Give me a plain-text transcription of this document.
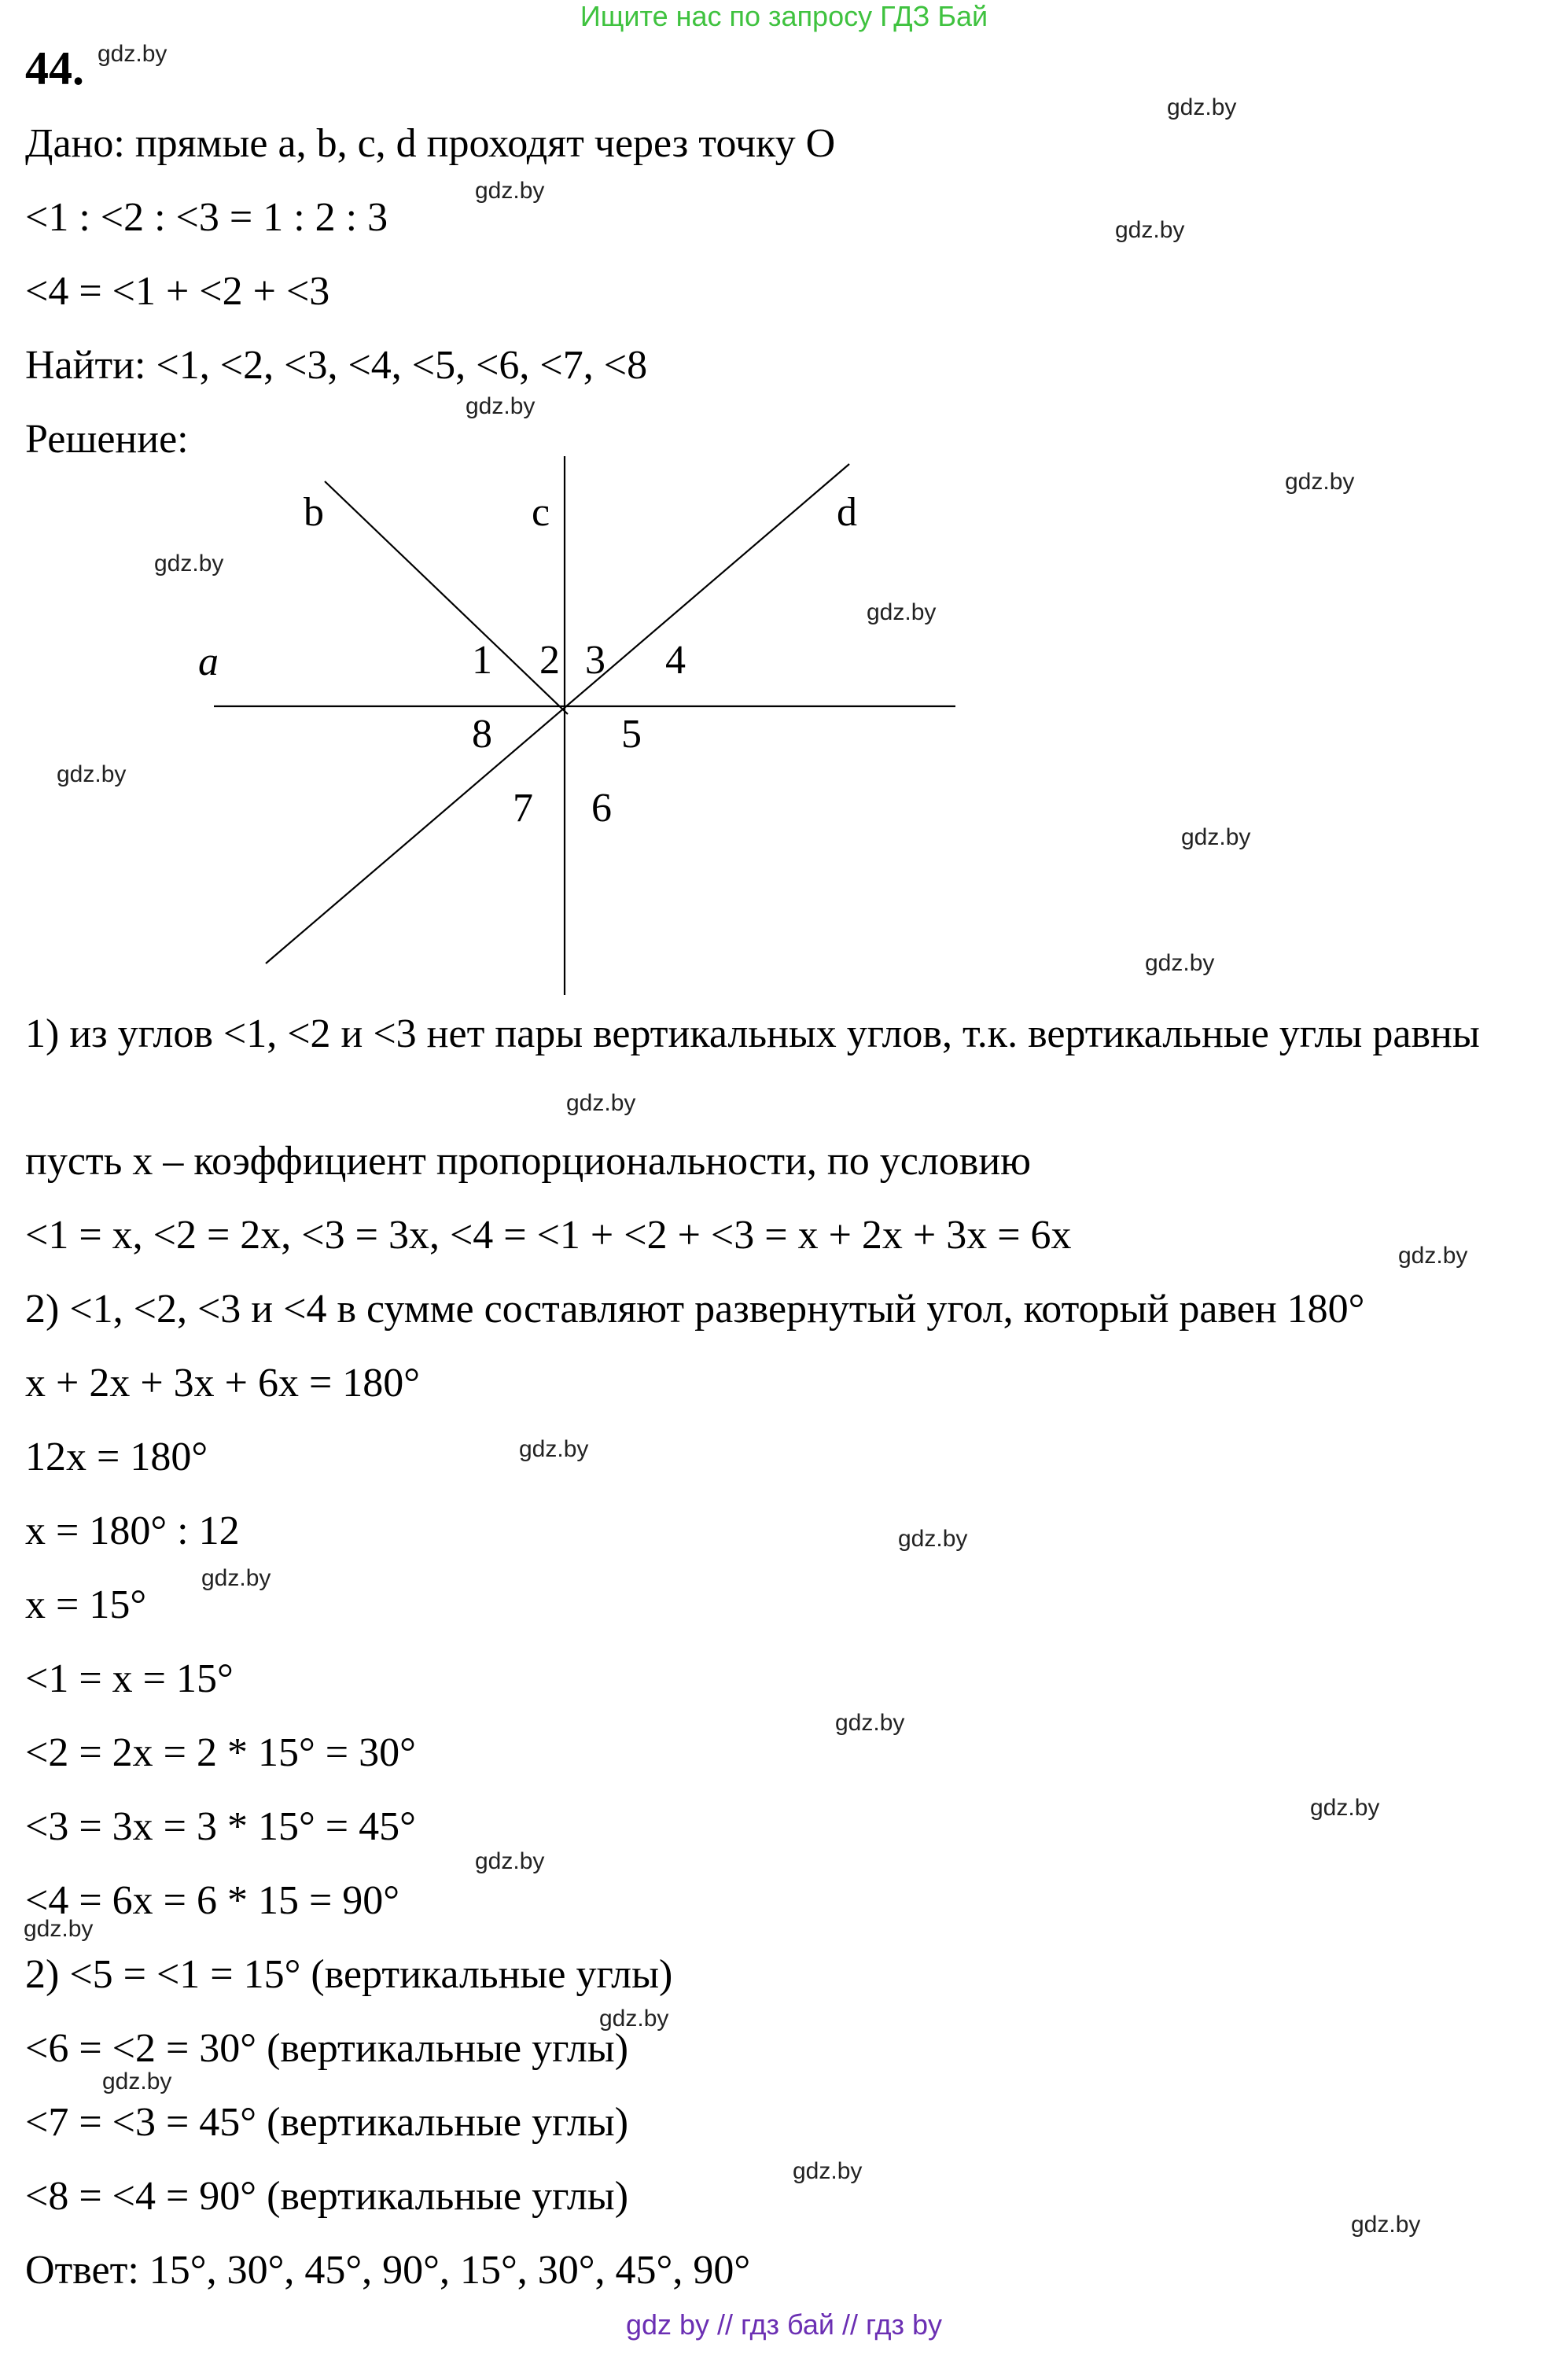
Ищите нас по запросу ГДЗ Бай
44.
Дано: прямые a, b, c, d проходят через точку O
<1 : <2 : <3 = 1 : 2 : 3
<4 = <1 + <2 + <3
Найти: <1, <2, <3, <4, <5, <6, <7, <8
Решение:
a
b	c	d
1 2 3 4
5
6
7
8
1) из углов <1, <2 и <3 нет пары вертикальных углов, т.к. вертикальные углы равны
пусть x – коэффициент пропорциональности, по условию
<1 = x, <2 = 2x, <3 = 3x, <4 = <1 + <2 + <3 = x + 2x + 3x = 6x
2) <1, <2, <3 и <4 в сумме составляют развернутый угол, который равен 180°
x + 2x + 3x + 6x = 180°
12x = 180°
x = 180° : 12
x = 15°
<1 = x = 15°
<2 = 2x = 2 * 15° = 30°
<3 = 3x = 3 * 15° = 45°
<4 = 6x = 6 * 15 = 90°
2) <5 = <1 = 15° (вертикальные углы)
<6 = <2 = 30° (вертикальные углы)
<7 = <3 = 45° (вертикальные углы)
<8 = <4 = 90° (вертикальные углы)
Ответ: 15°, 30°, 45°, 90°, 15°, 30°, 45°, 90°
gdz.by
gdz.by
gdz.by
gdz.by
gdz.by
gdz.by
gdz.by
gdz.by
gdz.by
gdz.by
gdz.by
gdz.by
gdz.by
gdz.by
gdz.by
gdz.by
gdz.by
gdz.by
gdz.by
gdz.by
gdz.by
gdz.by
gdz.by
gdz.by
gdz by // гдз бай // гдз by
